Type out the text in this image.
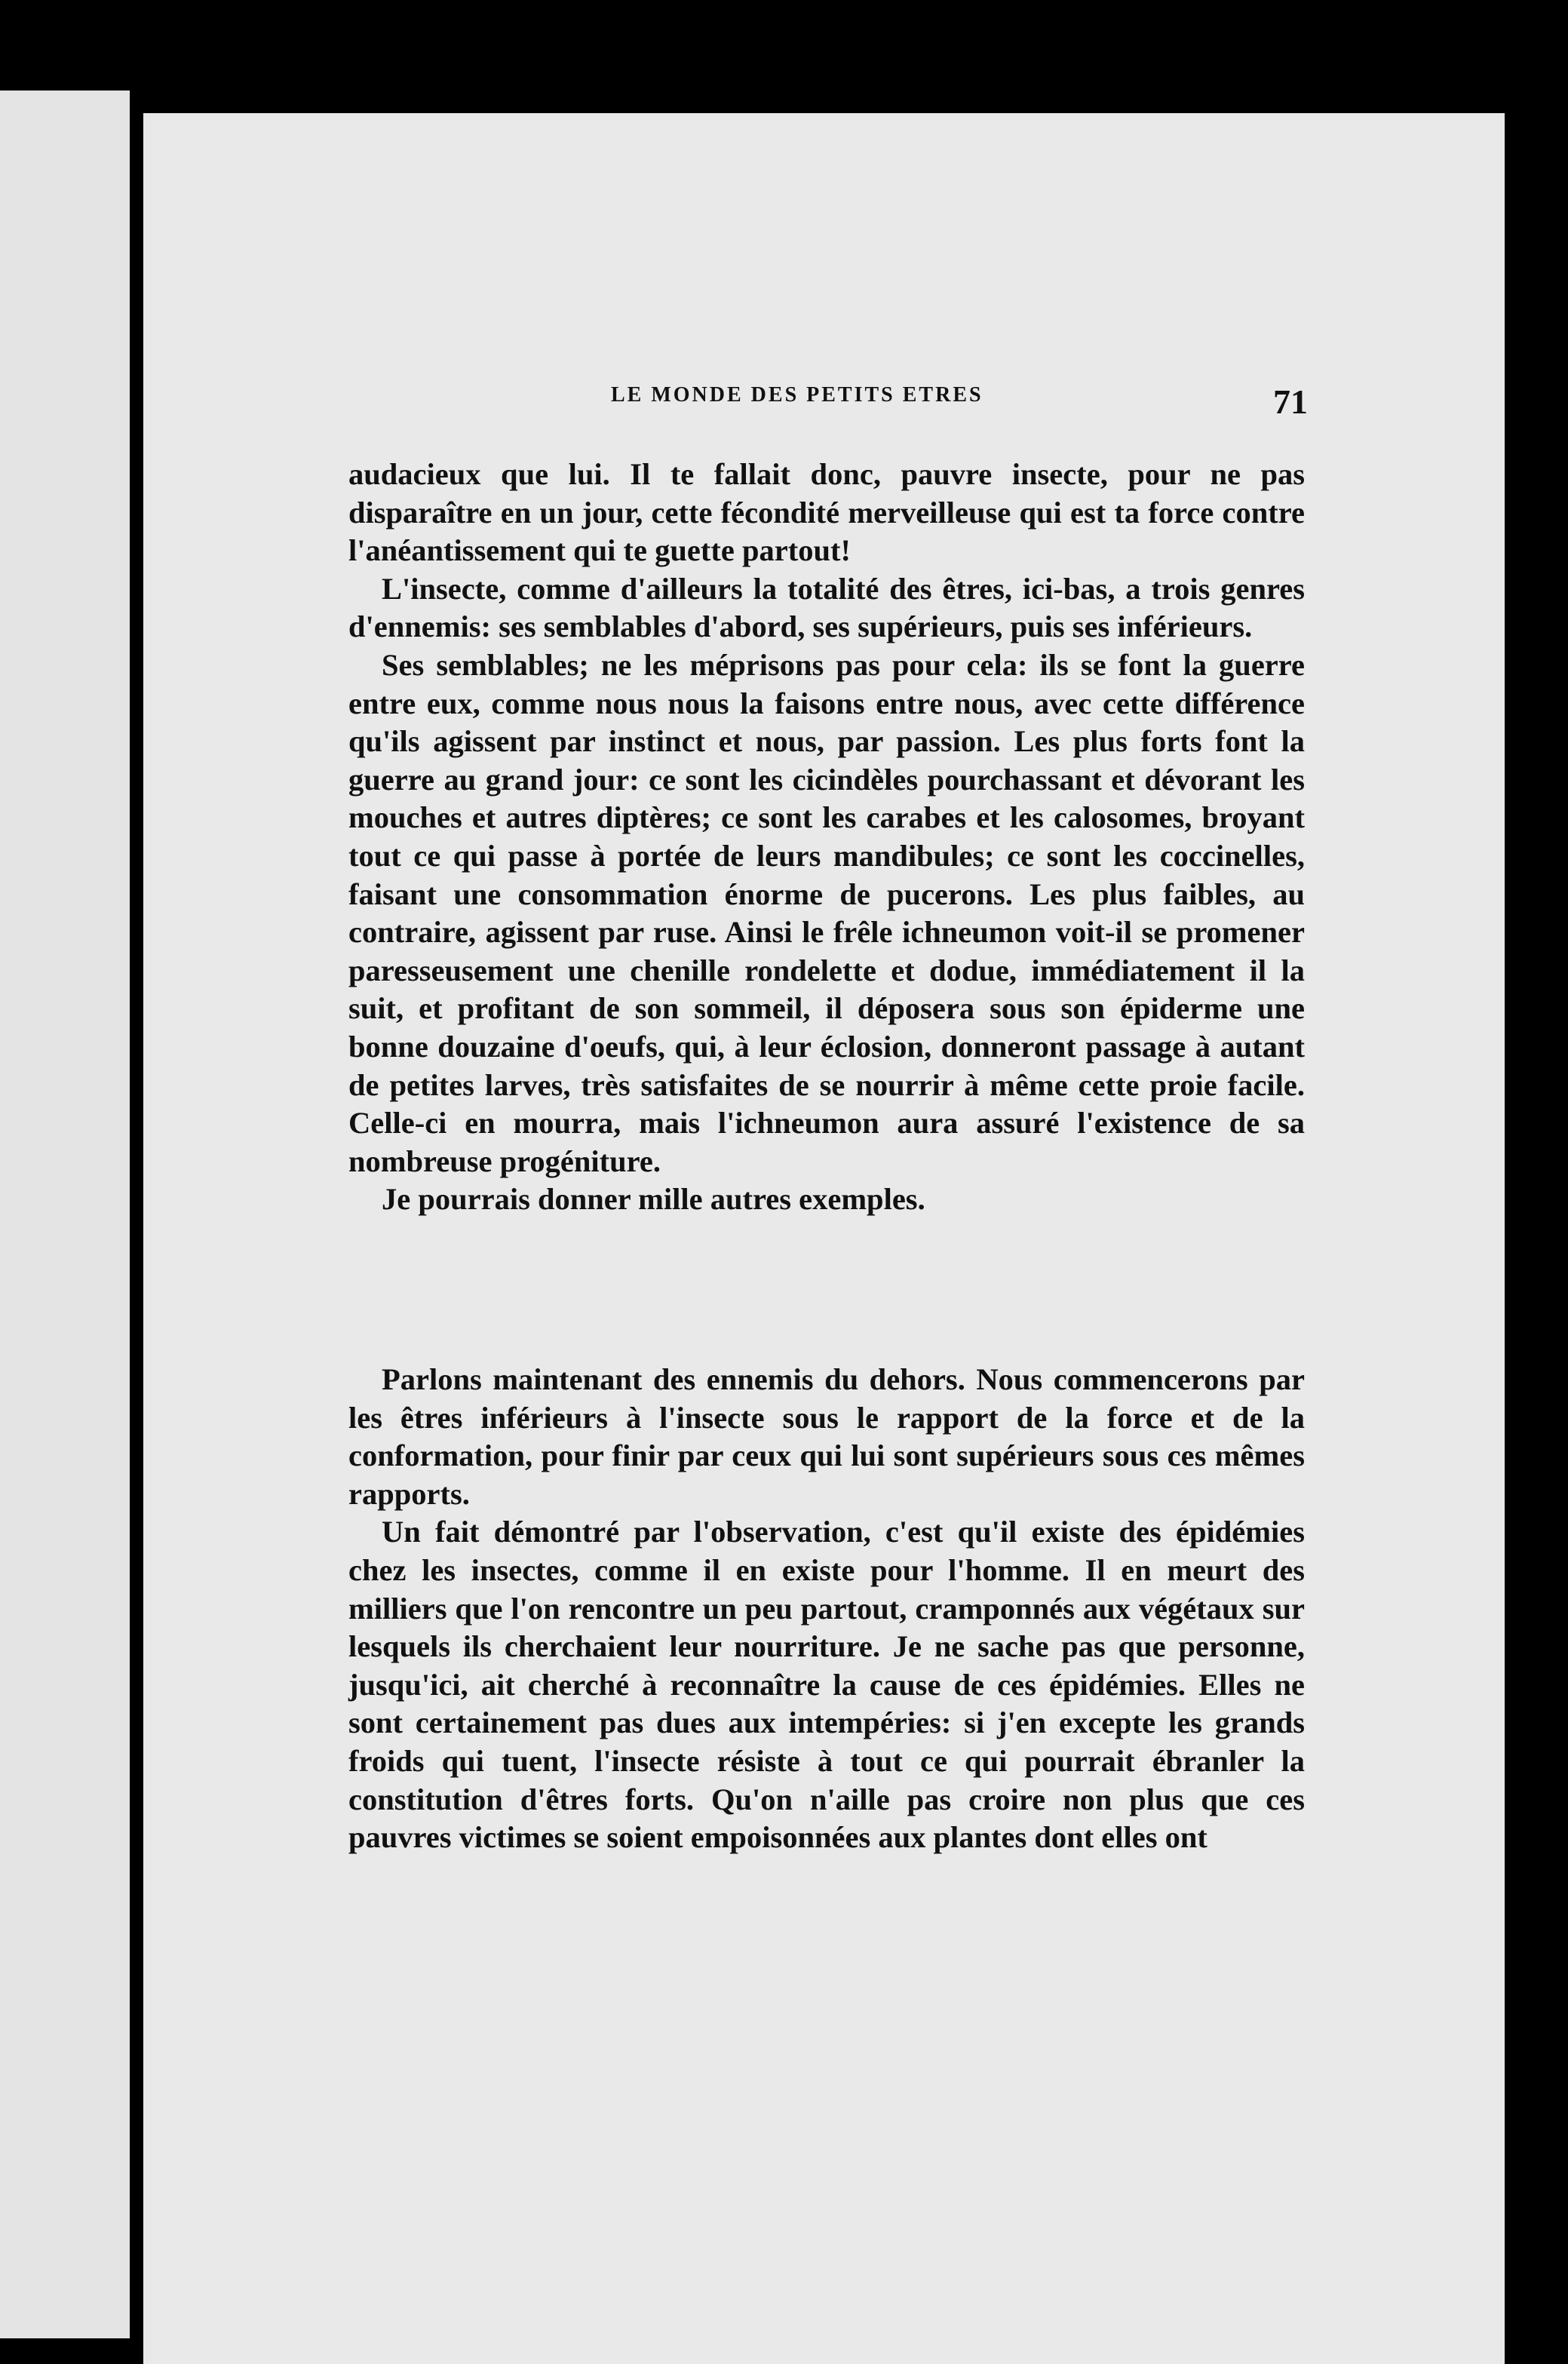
LE MONDE DES PETITS ETRES	71

audacieux que lui. Il te fallait donc, pauvre insecte, pour ne pas disparaître en un jour, cette fécondité merveilleuse qui est ta force contre l'anéantissement qui te guette partout!

L'insecte, comme d'ailleurs la totalité des êtres, ici-bas, a trois genres d'ennemis: ses semblables d'abord, ses supérieurs, puis ses inférieurs.

Ses semblables; ne les méprisons pas pour cela: ils se font la guerre entre eux, comme nous nous la faisons entre nous, avec cette différence qu'ils agissent par instinct et nous, par passion. Les plus forts font la guerre au grand jour: ce sont les cicindèles pourchassant et dévorant les mouches et autres diptères; ce sont les carabes et les calosomes, broyant tout ce qui passe à portée de leurs mandibules; ce sont les coccinelles, faisant une consommation énorme de pucerons. Les plus faibles, au contraire, agissent par ruse. Ainsi le frêle ichneumon voit-il se promener paresseusement une chenille rondelette et dodue, immédiatement il la suit, et profitant de son sommeil, il déposera sous son épiderme une bonne douzaine d'oeufs, qui, à leur éclosion, donneront passage à autant de petites larves, très satisfaites de se nourrir à même cette proie facile. Celle-ci en mourra, mais l'ichneumon aura assuré l'existence de sa nombreuse progéniture.

Je pourrais donner mille autres exemples.

Parlons maintenant des ennemis du dehors. Nous commencerons par les êtres inférieurs à l'insecte sous le rapport de la force et de la conformation, pour finir par ceux qui lui sont supérieurs sous ces mêmes rapports.

Un fait démontré par l'observation, c'est qu'il existe des épidémies chez les insectes, comme il en existe pour l'homme. Il en meurt des milliers que l'on rencontre un peu partout, cramponnés aux végétaux sur lesquels ils cherchaient leur nourriture. Je ne sache pas que personne, jusqu'ici, ait cherché à reconnaître la cause de ces épidémies. Elles ne sont certainement pas dues aux intempéries: si j'en excepte les grands froids qui tuent, l'insecte résiste à tout ce qui pourrait ébranler la constitution d'êtres forts. Qu'on n'aille pas croire non plus que ces pauvres victimes se soient empoisonnées aux plantes dont elles ont
